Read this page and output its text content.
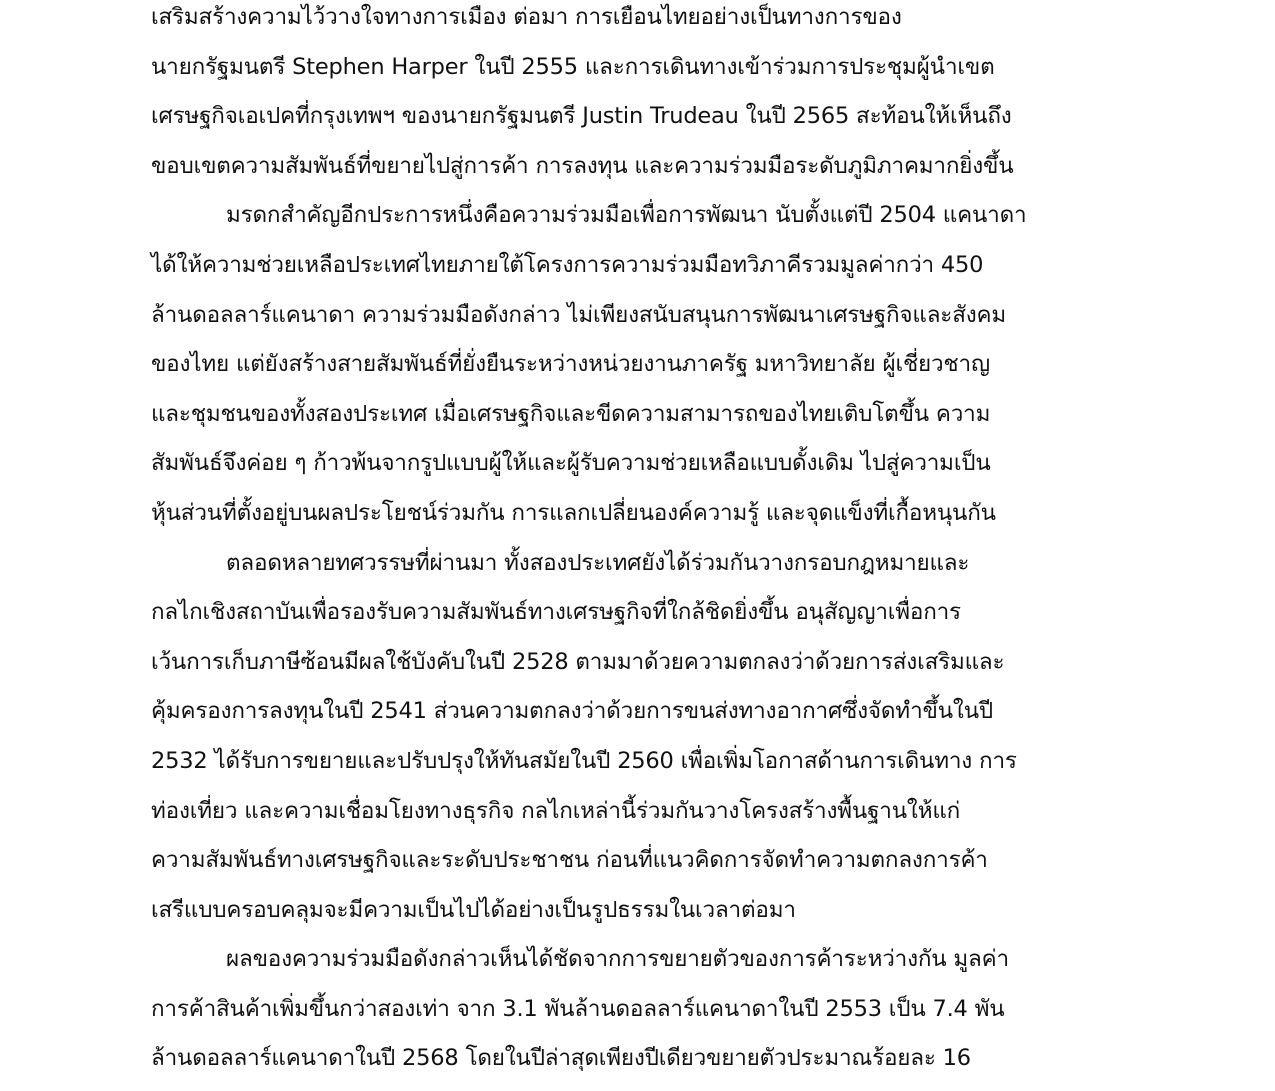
เสริมสร้างความไว้วางใจทางการเมือง ต่อมา การเยือนไทยอย่างเป็นทางการของ
นายกรัฐมนตรี Stephen Harper ในปี 2555 และการเดินทางเข้าร่วมการประชุมผู้นำเขต
เศรษฐกิจเอเปคที่กรุงเทพฯ ของนายกรัฐมนตรี Justin Trudeau ในปี 2565 สะท้อนให้เห็นถึง
ขอบเขตความสัมพันธ์ที่ขยายไปสู่การค้า การลงทุน และความร่วมมือระดับภูมิภาคมากยิ่งขึ้น
มรดกสำคัญอีกประการหนึ่งคือความร่วมมือเพื่อการพัฒนา นับตั้งแต่ปี 2504 แคนาดา
ได้ให้ความช่วยเหลือประเทศไทยภายใต้โครงการความร่วมมือทวิภาคีรวมมูลค่ากว่า 450
ล้านดอลลาร์แคนาดา ความร่วมมือดังกล่าว ไม่เพียงสนับสนุนการพัฒนาเศรษฐกิจและสังคม
ของไทย แต่ยังสร้างสายสัมพันธ์ที่ยั่งยืนระหว่างหน่วยงานภาครัฐ มหาวิทยาลัย ผู้เชี่ยวชาญ
และชุมชนของทั้งสองประเทศ เมื่อเศรษฐกิจและขีดความสามารถของไทยเติบโตขึ้น ความ
สัมพันธ์จึงค่อย ๆ ก้าวพ้นจากรูปแบบผู้ให้และผู้รับความช่วยเหลือแบบดั้งเดิม ไปสู่ความเป็น
หุ้นส่วนที่ตั้งอยู่บนผลประโยชน์ร่วมกัน การแลกเปลี่ยนองค์ความรู้ และจุดแข็งที่เกื้อหนุนกัน
ตลอดหลายทศวรรษที่ผ่านมา ทั้งสองประเทศยังได้ร่วมกันวางกรอบกฎหมายและ
กลไกเชิงสถาบันเพื่อรองรับความสัมพันธ์ทางเศรษฐกิจที่ใกล้ชิดยิ่งขึ้น อนุสัญญาเพื่อการ
เว้นการเก็บภาษีซ้อนมีผลใช้บังคับในปี 2528 ตามมาด้วยความตกลงว่าด้วยการส่งเสริมและ
คุ้มครองการลงทุนในปี 2541 ส่วนความตกลงว่าด้วยการขนส่งทางอากาศซึ่งจัดทำขึ้นในปี
2532 ได้รับการขยายและปรับปรุงให้ทันสมัยในปี 2560 เพื่อเพิ่มโอกาสด้านการเดินทาง การ
ท่องเที่ยว และความเชื่อมโยงทางธุรกิจ กลไกเหล่านี้ร่วมกันวางโครงสร้างพื้นฐานให้แก่
ความสัมพันธ์ทางเศรษฐกิจและระดับประชาชน ก่อนที่แนวคิดการจัดทำความตกลงการค้า
เสรีแบบครอบคลุมจะมีความเป็นไปได้อย่างเป็นรูปธรรมในเวลาต่อมา
ผลของความร่วมมือดังกล่าวเห็นได้ชัดจากการขยายตัวของการค้าระหว่างกัน มูลค่า
การค้าสินค้าเพิ่มขึ้นกว่าสองเท่า จาก 3.1 พันล้านดอลลาร์แคนาดาในปี 2553 เป็น 7.4 พัน
ล้านดอลลาร์แคนาดาในปี 2568 โดยในปีล่าสุดเพียงปีเดียวขยายตัวประมาณร้อยละ 16
